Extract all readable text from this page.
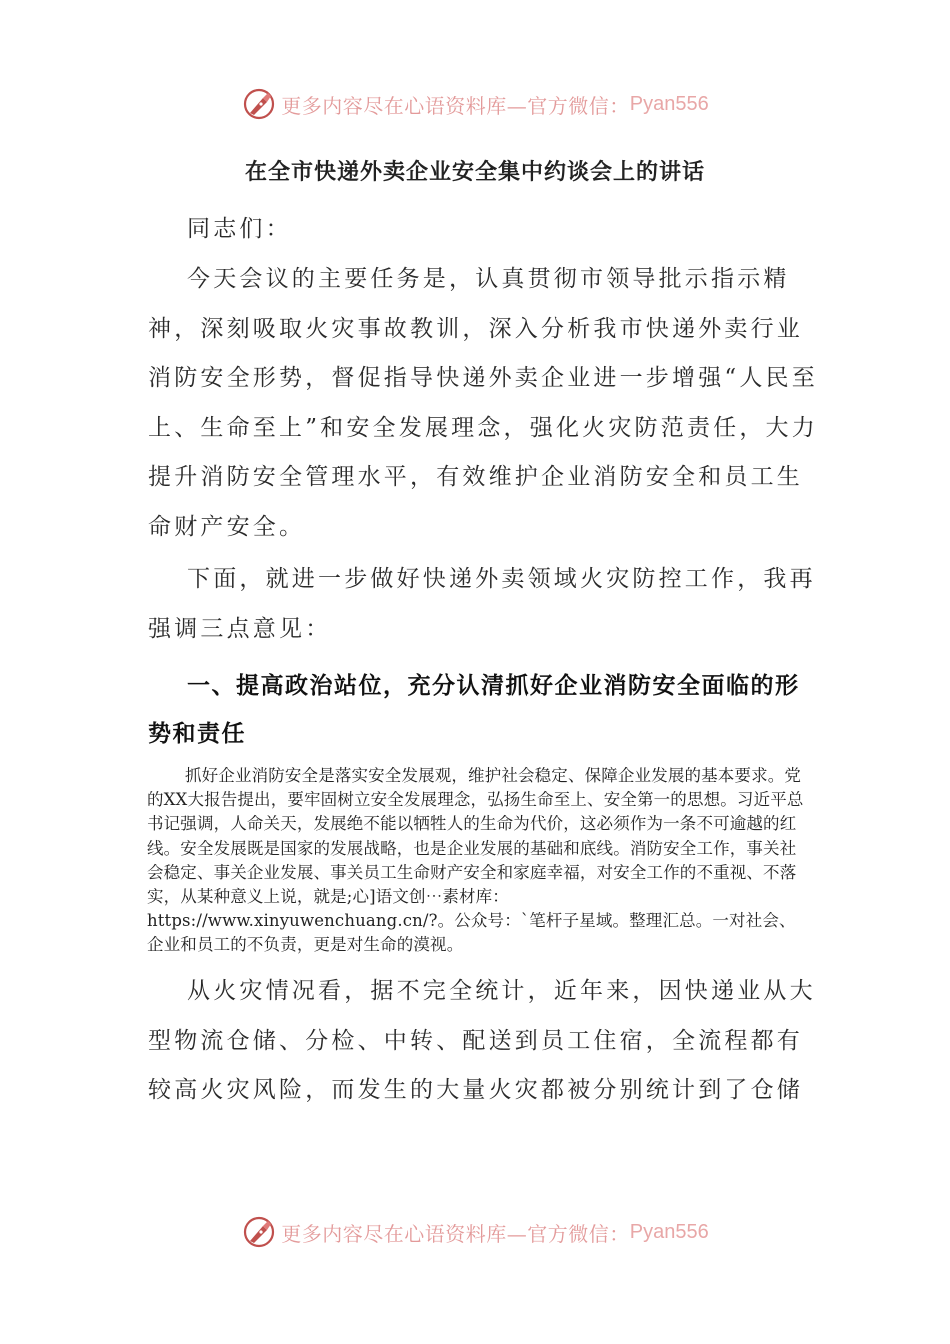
更多内容尽在心语资料库—官方微信： Pyan556
在全市快递外卖企业安全集中约谈会上的讲话

同志们：

今天会议的主要任务是，认真贯彻市领导批示指示精神，深刻吸取火灾事故教训，深入分析我市快递外卖行业消防安全形势，督促指导快递外卖企业进一步增强“人民至上、生命至上”和安全发展理念，强化火灾防范责任，大力提升消防安全管理水平，有效维护企业消防安全和员工生命财产安全。

下面，就进一步做好快递外卖领域火灾防控工作，我再强调三点意见：

一、提高政治站位，充分认清抓好企业消防安全面临的形势和责任

抓好企业消防安全是落实安全发展观，维护社会稳定、保障企业发展的基本要求。党的XX大报告提出，要牢固树立安全发展理念，弘扬生命至上、安全第一的思想。习近平总书记强调，人命关天，发展绝不能以牺牲人的生命为代价，这必须作为一条不可逾越的红线。安全发展既是国家的发展战略，也是企业发展的基础和底线。消防安全工作，事关社会稳定、事关企业发展、事关员工生命财产安全和家庭幸福，对安全工作的不重视、不落实，从某种意义上说，就是;心]语文创⋯素材库：https://www.xinyuwenchuang.cn/?。公众号：`笔杆子星域。整理汇总。一对社会、企业和员工的不负责，更是对生命的漠视。

从火灾情况看，据不完全统计，近年来，因快递业从大型物流仓储、分检、中转、配送到员工住宿，全流程都有较高火灾风险，而发生的大量火灾都被分别统计到了仓储

更多内容尽在心语资料库—官方微信： Pyan556
